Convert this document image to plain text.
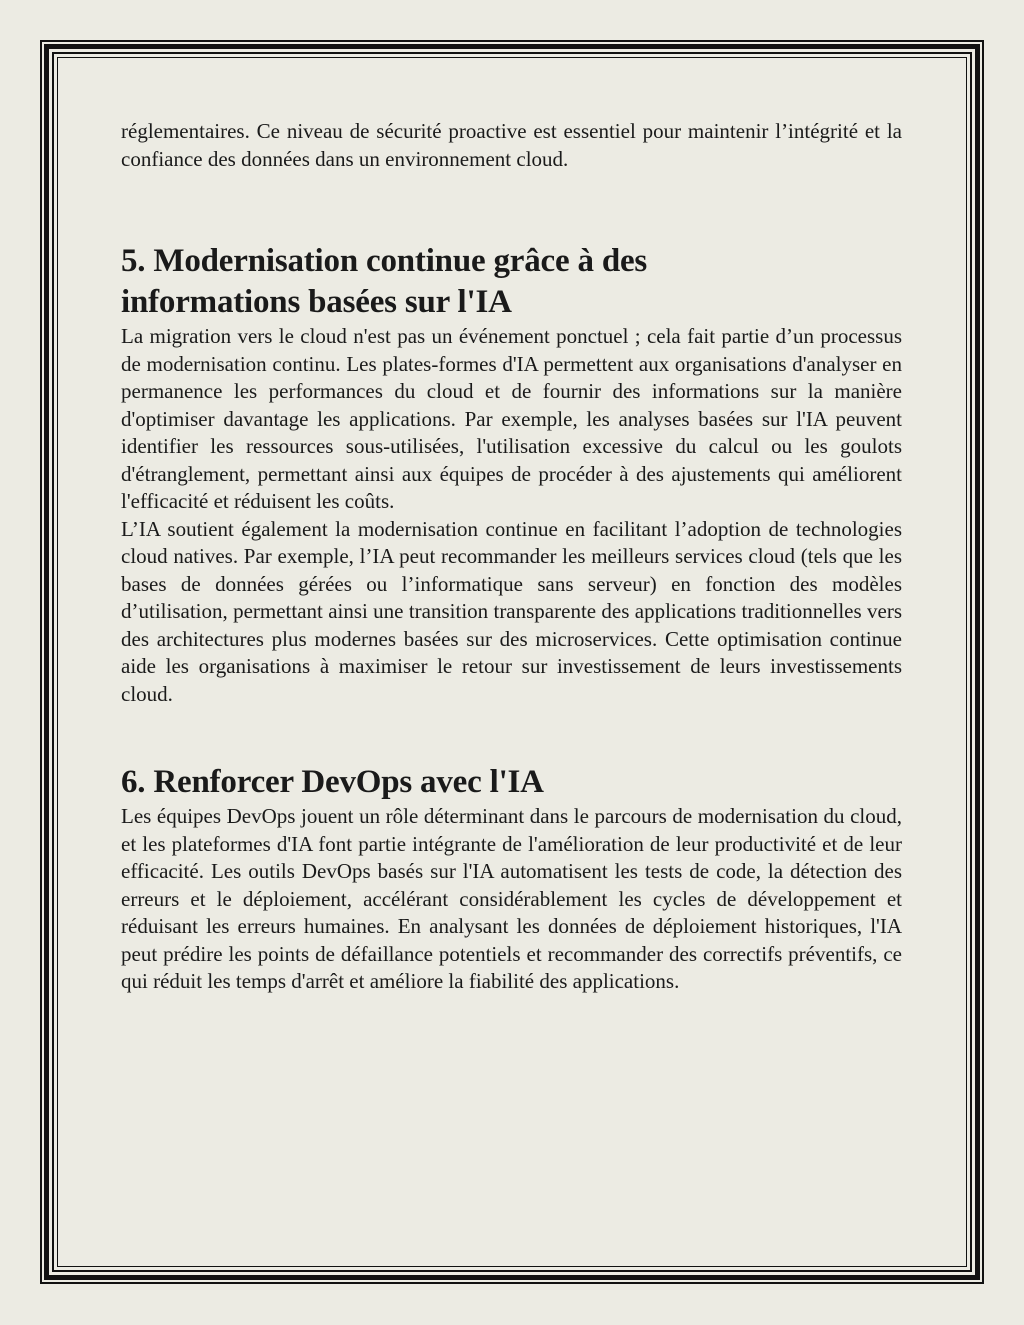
réglementaires. Ce niveau de sécurité proactive est essentiel pour maintenir l’intégrité et la confiance des données dans un environnement cloud.

5. Modernisation continue grâce à des
informations basées sur l'IA

La migration vers le cloud n'est pas un événement ponctuel ; cela fait partie d’un processus de modernisation continu. Les plates-formes d'IA permettent aux organisations d'analyser en permanence les performances du cloud et de fournir des informations sur la manière d'optimiser davantage les applications. Par exemple, les analyses basées sur l'IA peuvent identifier les ressources sous-utilisées, l'utilisation excessive du calcul ou les goulots d'étranglement, permettant ainsi aux équipes de procéder à des ajustements qui améliorent l'efficacité et réduisent les coûts.

L’IA soutient également la modernisation continue en facilitant l’adoption de technologies cloud natives. Par exemple, l’IA peut recommander les meilleurs services cloud (tels que les bases de données gérées ou l’informatique sans serveur) en fonction des modèles d’utilisation, permettant ainsi une transition transparente des applications traditionnelles vers des architectures plus modernes basées sur des microservices. Cette optimisation continue aide les organisations à maximiser le retour sur investissement de leurs investissements cloud.

6. Renforcer DevOps avec l'IA

Les équipes DevOps jouent un rôle déterminant dans le parcours de modernisation du cloud, et les plateformes d'IA font partie intégrante de l'amélioration de leur productivité et de leur efficacité. Les outils DevOps basés sur l'IA automatisent les tests de code, la détection des erreurs et le déploiement, accélérant considérablement les cycles de développement et réduisant les erreurs humaines. En analysant les données de déploiement historiques, l'IA peut prédire les points de défaillance potentiels et recommander des correctifs préventifs, ce qui réduit les temps d'arrêt et améliore la fiabilité des applications.
